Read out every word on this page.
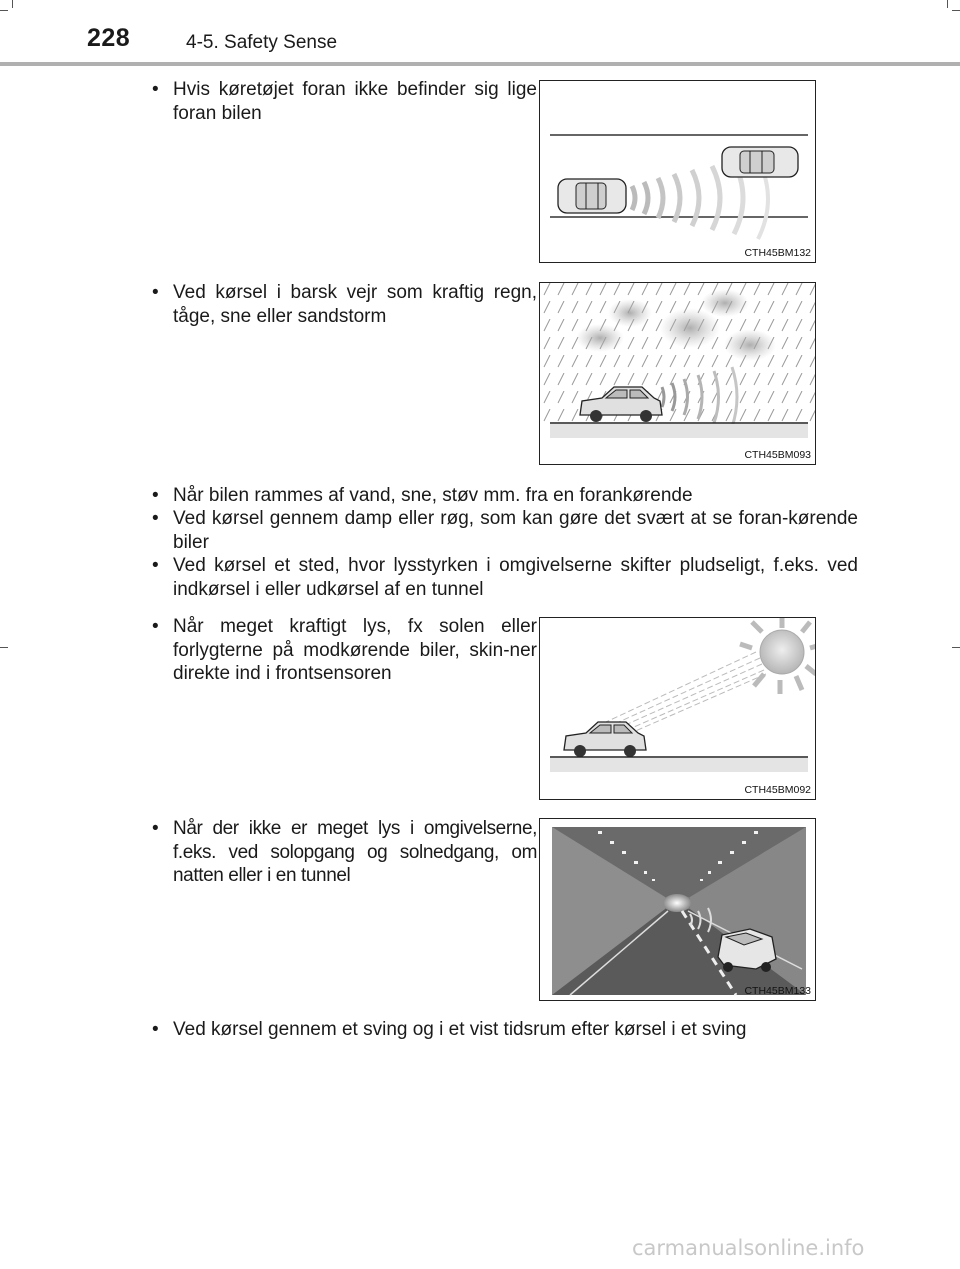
228	4-5. Safety Sense
• Hvis køretøjet foran ikke befinder sig lige foran bilen
• Ved kørsel i barsk vejr som kraftig regn, tåge, sne eller sandstorm
• Når bilen rammes af vand, sne, støv mm. fra en forankørende
• Ved kørsel gennem damp eller røg, som kan gøre det svært at se foran-kørende biler
• Ved kørsel et sted, hvor lysstyrken i omgivelserne skifter pludseligt, f.eks. ved indkørsel i eller udkørsel af en tunnel
• Når meget kraftigt lys, fx solen eller forlygterne på modkørende biler, skin-ner direkte ind i frontsensoren
• Når der ikke er meget lys i omgivelserne, f.eks. ved solopgang og solnedgang, om natten eller i en tunnel
• Ved kørsel gennem et sving og i et vist tidsrum efter kørsel i et sving
CTH45BM132
CTH45BM093
CTH45BM092
CTH45BM133
carmanualsonline.info
